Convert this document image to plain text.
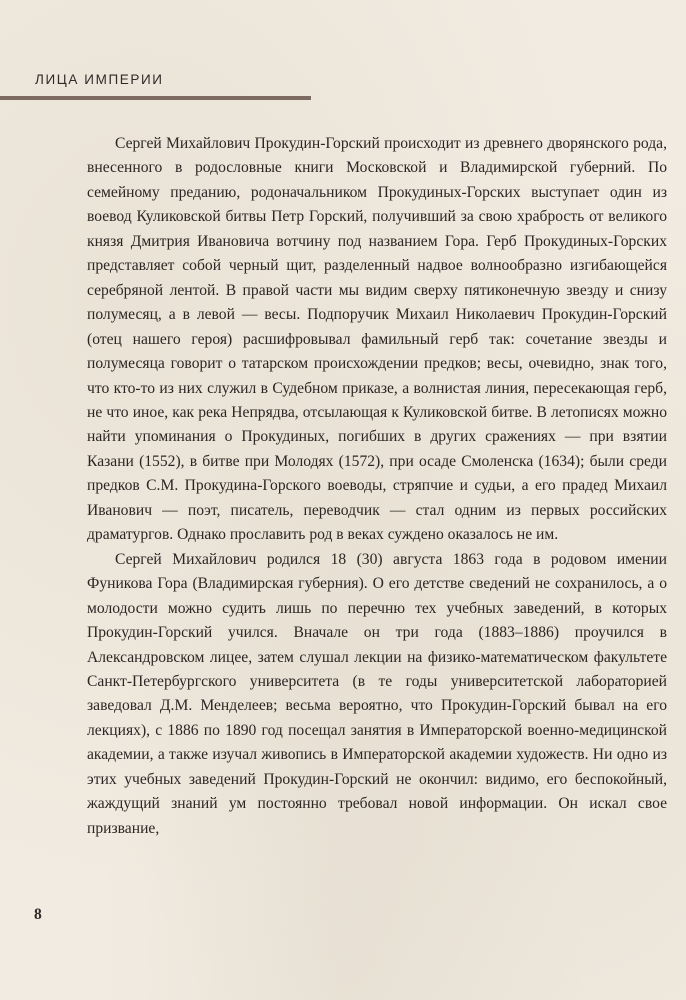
ЛИЦА ИМПЕРИИ

Сергей Михайлович Прокудин-Горский происходит из древнего дворянского рода, внесенного в родословные книги Московской и Владимирской губерний. По семейному преданию, родоначальником Прокудиных-Горских выступает один из воевод Куликовской битвы Петр Горский, получивший за свою храбрость от великого князя Дмитрия Ивановича вотчину под названием Гора. Герб Прокудиных-Горских представляет собой черный щит, разделенный надвое волнообразно изгибающейся серебряной лентой. В правой части мы видим сверху пятиконечную звезду и снизу полумесяц, а в левой — весы. Подпоручик Михаил Николаевич Прокудин-Горский (отец нашего героя) расшифровывал фамильный герб так: сочетание звезды и полумесяца говорит о татарском происхождении предков; весы, очевидно, знак того, что кто-то из них служил в Судебном приказе, а волнистая линия, пересекающая герб, не что иное, как река Непрядва, отсылающая к Куликовской битве. В летописях можно найти упоминания о Прокудиных, погибших в других сражениях — при взятии Казани (1552), в битве при Молодях (1572), при осаде Смоленска (1634); были среди предков С.М. Прокудина-Горского воеводы, стряпчие и судьи, а его прадед Михаил Иванович — поэт, писатель, переводчик — стал одним из первых российских драматургов. Однако прославить род в веках суждено оказалось не им.

Сергей Михайлович родился 18 (30) августа 1863 года в родовом имении Фуникова Гора (Владимирская губерния). О его детстве сведений не сохранилось, а о молодости можно судить лишь по перечню тех учебных заведений, в которых Прокудин-Горский учился. Вначале он три года (1883–1886) проучился в Александровском лицее, затем слушал лекции на физико-математическом факультете Санкт-Петербургского университета (в те годы университетской лабораторией заведовал Д.М. Менделеев; весьма вероятно, что Прокудин-Горский бывал на его лекциях), с 1886 по 1890 год посещал занятия в Императорской военно-медицинской академии, а также изучал живопись в Императорской академии художеств. Ни одно из этих учебных заведений Прокудин-Горский не окончил: видимо, его беспокойный, жаждущий знаний ум постоянно требовал новой информации. Он искал свое призвание,

8
